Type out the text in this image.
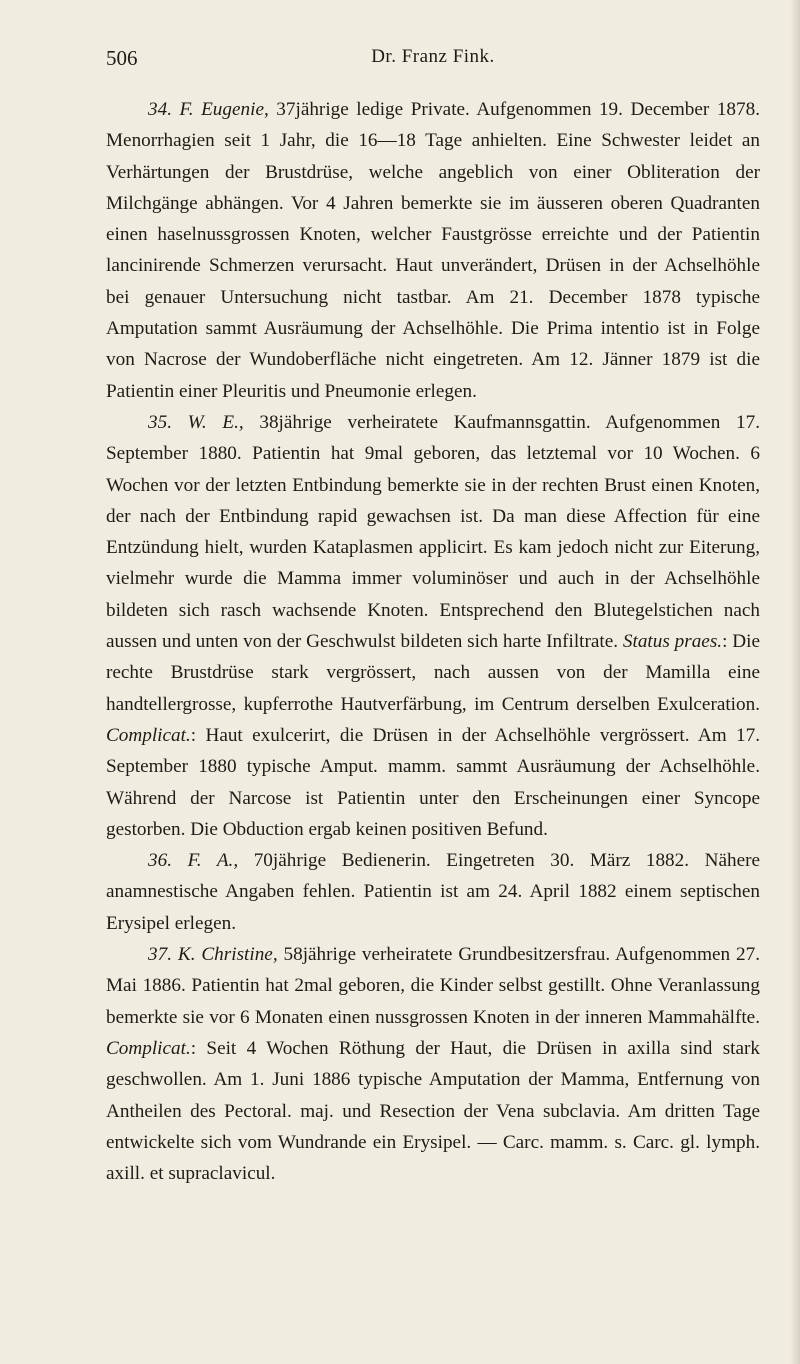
506	Dr. Franz Fink.

34. F. Eugenie, 37jährige ledige Private. Aufgenommen 19. December 1878. Menorrhagien seit 1 Jahr, die 16—18 Tage anhielten. Eine Schwester leidet an Verhärtungen der Brustdrüse, welche angeblich von einer Obliteration der Milchgänge abhängen. Vor 4 Jahren bemerkte sie im äusseren oberen Quadranten einen haselnussgrossen Knoten, welcher Faustgrösse erreichte und der Patientin lancinirende Schmerzen verursacht. Haut unverändert, Drüsen in der Achselhöhle bei genauer Untersuchung nicht tastbar. Am 21. December 1878 typische Amputation sammt Ausräumung der Achselhöhle. Die Prima intentio ist in Folge von Nacrose der Wundoberfläche nicht eingetreten. Am 12. Jänner 1879 ist die Patientin einer Pleuritis und Pneumonie erlegen.

35. W. E., 38jährige verheiratete Kaufmannsgattin. Aufgenommen 17. September 1880. Patientin hat 9mal geboren, das letztemal vor 10 Wochen. 6 Wochen vor der letzten Entbindung bemerkte sie in der rechten Brust einen Knoten, der nach der Entbindung rapid gewachsen ist. Da man diese Affection für eine Entzündung hielt, wurden Kataplasmen applicirt. Es kam jedoch nicht zur Eiterung, vielmehr wurde die Mamma immer voluminöser und auch in der Achselhöhle bildeten sich rasch wachsende Knoten. Entsprechend den Blutegelstichen nach aussen und unten von der Geschwulst bildeten sich harte Infiltrate. Status praes.: Die rechte Brustdrüse stark vergrössert, nach aussen von der Mamilla eine handtellergrosse, kupferrothe Hautverfärbung, im Centrum derselben Exulceration. Complicat.: Haut exulcerirt, die Drüsen in der Achselhöhle vergrössert. Am 17. September 1880 typische Amput. mamm. sammt Ausräumung der Achselhöhle. Während der Narcose ist Patientin unter den Erscheinungen einer Syncope gestorben. Die Obduction ergab keinen positiven Befund.

36. F. A., 70jährige Bedienerin. Eingetreten 30. März 1882. Nähere anamnestische Angaben fehlen. Patientin ist am 24. April 1882 einem septischen Erysipel erlegen.

37. K. Christine, 58jährige verheiratete Grundbesitzersfrau. Aufgenommen 27. Mai 1886. Patientin hat 2mal geboren, die Kinder selbst gestillt. Ohne Veranlassung bemerkte sie vor 6 Monaten einen nussgrossen Knoten in der inneren Mammahälfte. Complicat.: Seit 4 Wochen Röthung der Haut, die Drüsen in axilla sind stark geschwollen. Am 1. Juni 1886 typische Amputation der Mamma, Entfernung von Antheilen des Pectoral. maj. und Resection der Vena subclavia. Am dritten Tage entwickelte sich vom Wundrande ein Erysipel. — Carc. mamm. s. Carc. gl. lymph. axill. et supraclavicul.
